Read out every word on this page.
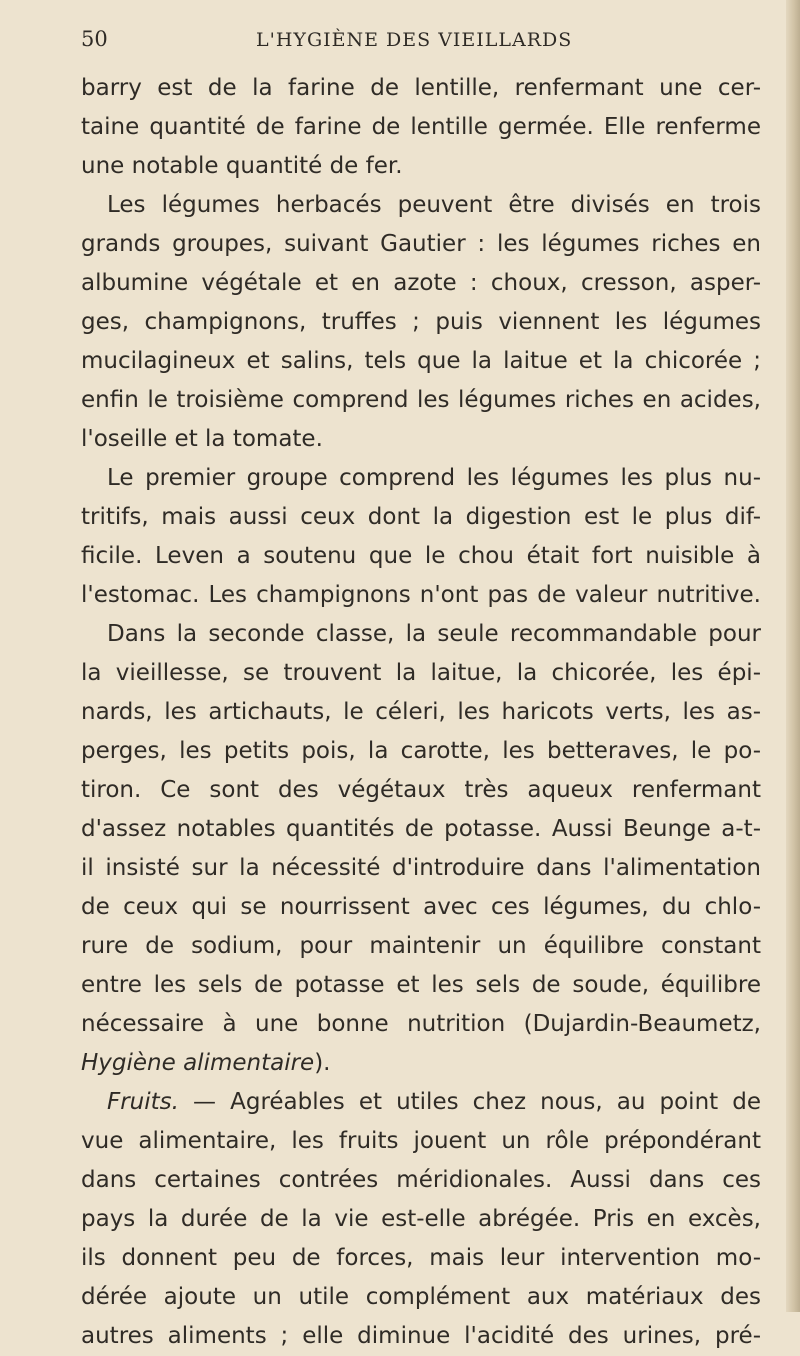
50	L'HYGIÈNE DES VIEILLARDS
barry est de la farine de lentille, renfermant une cer-
taine quantité de farine de lentille germée. Elle renferme
une notable quantité de fer.
Les légumes herbacés peuvent être divisés en trois
grands groupes, suivant Gautier : les légumes riches en
albumine végétale et en azote : choux, cresson, asper-
ges, champignons, truffes ; puis viennent les légumes
mucilagineux et salins, tels que la laitue et la chicorée ;
enfin le troisième comprend les légumes riches en acides,
l'oseille et la tomate.
Le premier groupe comprend les légumes les plus nu-
tritifs, mais aussi ceux dont la digestion est le plus dif-
ficile. Leven a soutenu que le chou était fort nuisible à
l'estomac. Les champignons n'ont pas de valeur nutritive.
Dans la seconde classe, la seule recommandable pour
la vieillesse, se trouvent la laitue, la chicorée, les épi-
nards, les artichauts, le céleri, les haricots verts, les as-
perges, les petits pois, la carotte, les betteraves, le po-
tiron. Ce sont des végétaux très aqueux renfermant
d'assez notables quantités de potasse. Aussi Beunge a-t-
il insisté sur la nécessité d'introduire dans l'alimentation
de ceux qui se nourrissent avec ces légumes, du chlo-
rure de sodium, pour maintenir un équilibre constant
entre les sels de potasse et les sels de soude, équilibre
nécessaire à une bonne nutrition (Dujardin-Beaumetz,
Hygiène alimentaire).
Fruits. — Agréables et utiles chez nous, au point de
vue alimentaire, les fruits jouent un rôle prépondérant
dans certaines contrées méridionales. Aussi dans ces
pays la durée de la vie est-elle abrégée. Pris en excès,
ils donnent peu de forces, mais leur intervention mo-
dérée ajoute un utile complément aux matériaux des
autres aliments ; elle diminue l'acidité des urines, pré-
